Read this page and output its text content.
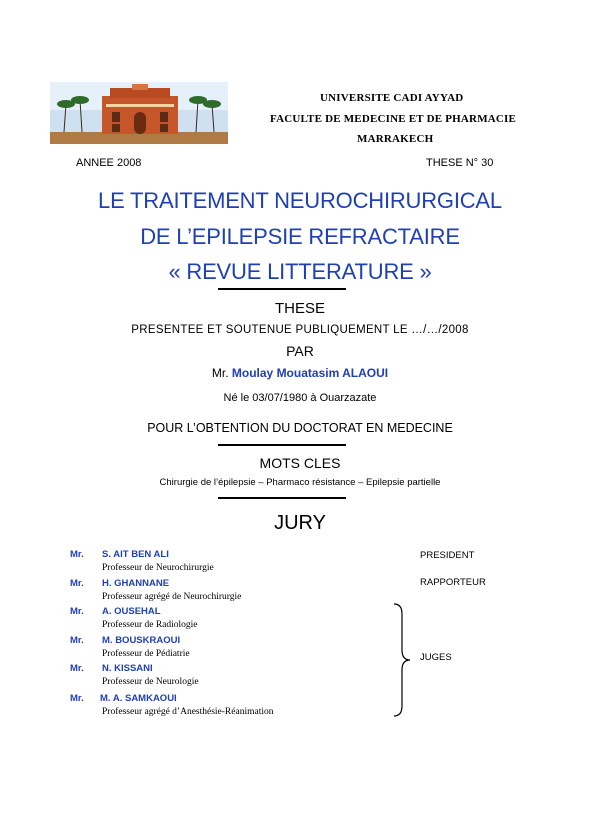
UNIVERSITE CADI AYYAD
FACULTE DE MEDECINE ET DE PHARMACIE
MARRAKECH
ANNEE 2008	THESE N° 30
LE TRAITEMENT NEUROCHIRURGICAL
DE L’EPILEPSIE REFRACTAIRE
« REVUE LITTERATURE »
THESE
PRESENTEE ET SOUTENUE PUBLIQUEMENT LE …/…/2008
PAR
Mr. Moulay Mouatasim ALAOUI
Né le 03/07/1980 à Ouarzazate
POUR L’OBTENTION DU DOCTORAT EN MEDECINE
MOTS CLES
Chirurgie de l’épilepsie – Pharmaco résistance – Epilepsie partielle
JURY
Mr. S. AIT BEN ALI
Professeur de Neurochirurgie
Mr. H. GHANNANE
Professeur agrégé de Neurochirurgie
Mr. A. OUSEHAL
Professeur de Radiologie
Mr. M. BOUSKRAOUI
Professeur de Pédiatrie
Mr. N. KISSANI
Professeur de Neurologie
Mr. M. A. SAMKAOUI
Professeur agrégé d’Anesthésie-Réanimation
PRESIDENT
RAPPORTEUR
JUGES
